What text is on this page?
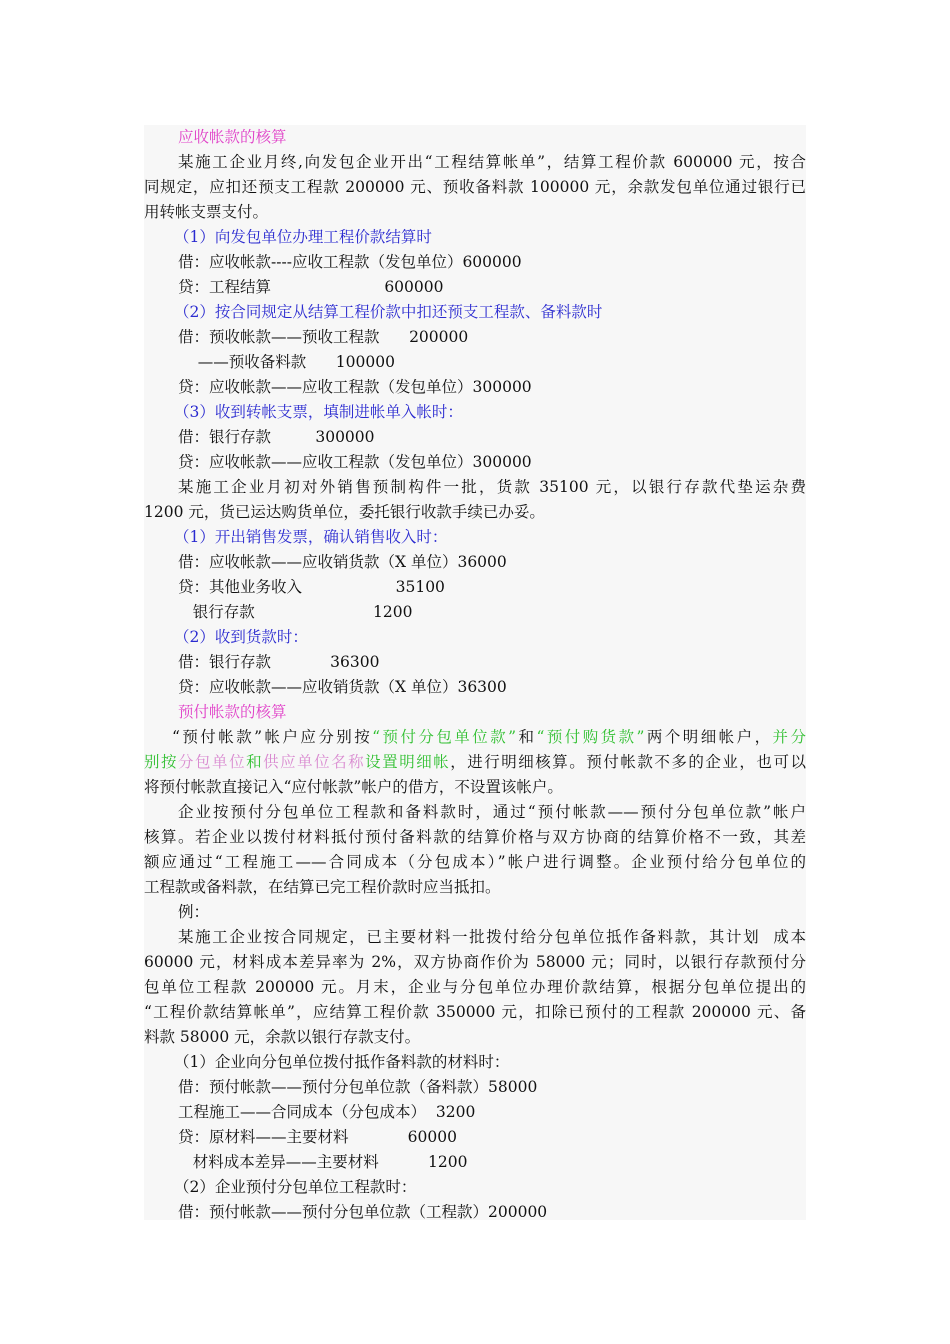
应收帐款的核算
某施工企业月终,向发包企业开出“工程结算帐单”，结算工程价款 600000 元，按合
同规定，应扣还预支工程款 200000 元、预收备料款 100000 元，余款发包单位通过银行已
用转帐支票支付。
（1）向发包单位办理工程价款结算时
借：应收帐款----应收工程款（发包单位）600000
贷：工程结算                       600000
（2）按合同规定从结算工程价款中扣还预支工程款、备料款时
借：预收帐款——预收工程款      200000
——预收备料款      100000
贷：应收帐款——应收工程款（发包单位）300000
（3）收到转帐支票，填制进帐单入帐时：
借：银行存款         300000
贷：应收帐款——应收工程款（发包单位）300000
某施工企业月初对外销售预制构件一批，货款 35100 元，以银行存款代垫运杂费
1200 元，货已运达购货单位，委托银行收款手续已办妥。
（1）开出销售发票，确认销售收入时：
借：应收帐款——应收销货款（X 单位）36000
贷：其他业务收入                   35100
银行存款                        1200
（2）收到货款时：
借：银行存款            36300
贷：应收帐款——应收销货款（X 单位）36300
预付帐款的核算
“预付帐款”帐户应分别按“预付分包单位款”和“预付购货款”两个明细帐户，并分
别按分包单位和供应单位名称设置明细帐，进行明细核算。预付帐款不多的企业，也可以
将预付帐款直接记入“应付帐款”帐户的借方，不设置该帐户。
企业按预付分包单位工程款和备料款时，通过“预付帐款——预付分包单位款”帐户
核算。若企业以拨付材料抵付预付备料款的结算价格与双方协商的结算价格不一致，其差
额应通过“工程施工——合同成本（分包成本）”帐户进行调整。企业预付给分包单位的
工程款或备料款，在结算已完工程价款时应当抵扣。
例：
某施工企业按合同规定，已主要材料一批拨付给分包单位抵作备料款，其计划  成本
60000 元，材料成本差异率为 2%，双方协商作价为 58000 元；同时，以银行存款预付分
包单位工程款 200000 元。月末，企业与分包单位办理价款结算，根据分包单位提出的
“工程价款结算帐单”，应结算工程价款 350000 元，扣除已预付的工程款 200000 元、备
料款 58000 元，余款以银行存款支付。
（1）企业向分包单位拨付抵作备料款的材料时：
借：预付帐款——预付分包单位款（备料款）58000
工程施工——合同成本（分包成本）  3200
贷：原材料——主要材料            60000
材料成本差异——主要材料          1200
（2）企业预付分包单位工程款时：
借：预付帐款——预付分包单位款（工程款）200000
